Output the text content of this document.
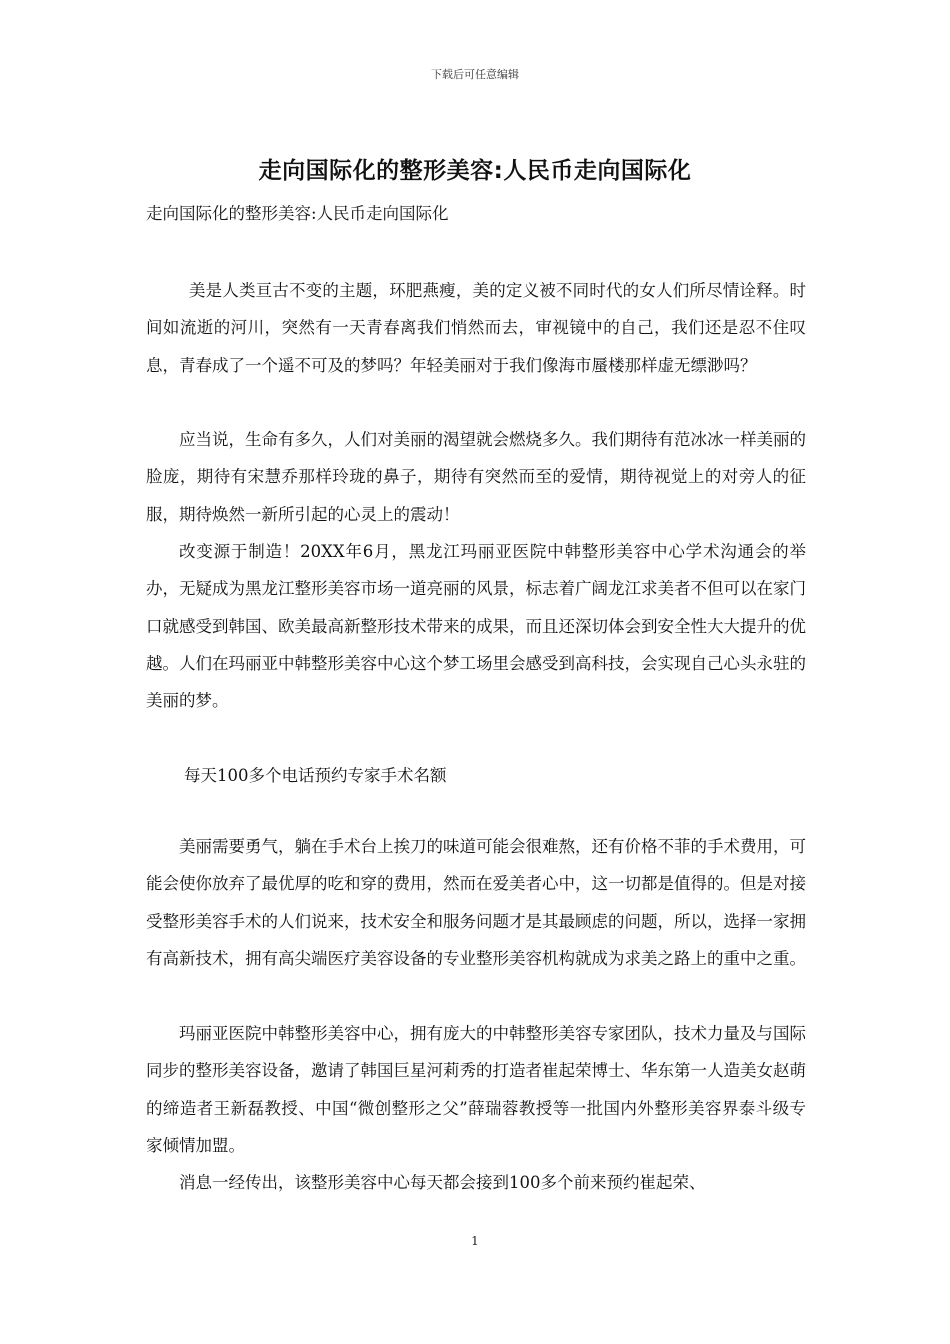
下载后可任意编辑
走向国际化的整形美容:人民币走向国际化
走向国际化的整形美容:人民币走向国际化

美是人类亘古不变的主题，环肥燕瘦，美的定义被不同时代的女人们所尽情诠释。时间如流逝的河川，突然有一天青春离我们悄然而去，审视镜中的自己，我们还是忍不住叹息，青春成了一个遥不可及的梦吗？年轻美丽对于我们像海市蜃楼那样虚无缥渺吗？

应当说，生命有多久，人们对美丽的渴望就会燃烧多久。我们期待有范冰冰一样美丽的脸庞，期待有宋慧乔那样玲珑的鼻子，期待有突然而至的爱情，期待视觉上的对旁人的征服，期待焕然一新所引起的心灵上的震动！

改变源于制造！20XX年6月，黑龙江玛丽亚医院中韩整形美容中心学术沟通会的举办，无疑成为黑龙江整形美容市场一道亮丽的风景，标志着广阔龙江求美者不但可以在家门口就感受到韩国、欧美最高新整形技术带来的成果，而且还深切体会到安全性大大提升的优越。人们在玛丽亚中韩整形美容中心这个梦工场里会感受到高科技，会实现自己心头永驻的美丽的梦。

每天100多个电话预约专家手术名额

美丽需要勇气，躺在手术台上挨刀的味道可能会很难熬，还有价格不菲的手术费用，可能会使你放弃了最优厚的吃和穿的费用，然而在爱美者心中，这一切都是值得的。但是对接受整形美容手术的人们说来，技术安全和服务问题才是其最顾虑的问题，所以，选择一家拥有高新技术，拥有高尖端医疗美容设备的专业整形美容机构就成为求美之路上的重中之重。

玛丽亚医院中韩整形美容中心，拥有庞大的中韩整形美容专家团队，技术力量及与国际同步的整形美容设备，邀请了韩国巨星河莉秀的打造者崔起荣博士、华东第一人造美女赵萌的缔造者王新磊教授、中国“微创整形之父”薛瑞蓉教授等一批国内外整形美容界泰斗级专家倾情加盟。

消息一经传出，该整形美容中心每天都会接到100多个前来预约崔起荣、

1
